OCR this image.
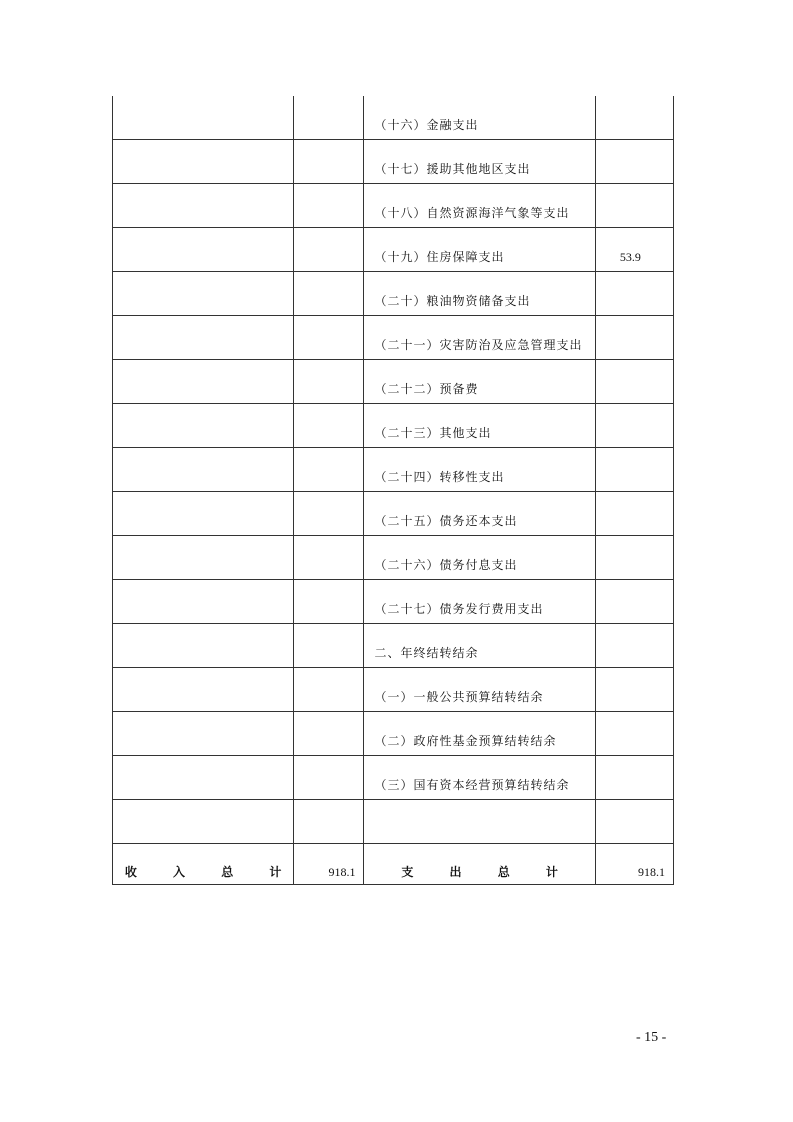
		（十六）金融支出	
		（十七）援助其他地区支出	
		（十八）自然资源海洋气象等支出	
		（十九）住房保障支出	53.9
		（二十）粮油物资储备支出	
		（二十一）灾害防治及应急管理支出	
		（二十二）预备费	
		（二十三）其他支出	
		（二十四）转移性支出	
		（二十五）债务还本支出	
		（二十六）债务付息支出	
		（二十七）债务发行费用支出	
		二、年终结转结余	
		（一）一般公共预算结转结余	
		（二）政府性基金预算结转结余	
		（三）国有资本经营预算结转结余	

收 入 总 计	918.1	支 出 总 计	918.1
- 15 -
